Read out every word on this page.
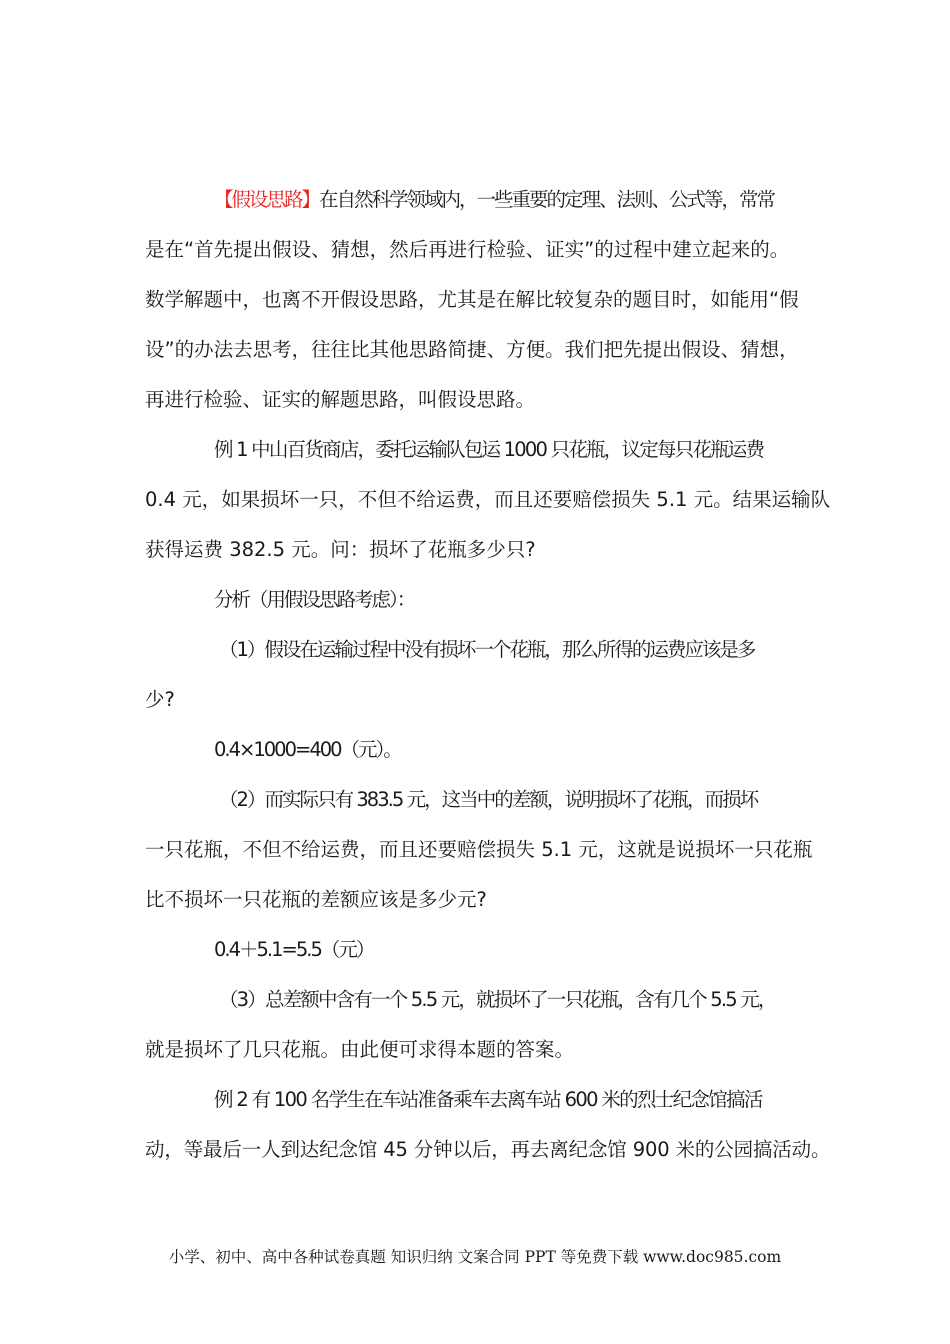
【假设思路】在自然科学领域内，一些重要的定理、法则、公式等，常常
是在“首先提出假设、猜想，然后再进行检验、证实”的过程中建立起来的。
数学解题中，也离不开假设思路，尤其是在解比较复杂的题目时，如能用“假
设”的办法去思考，往往比其他思路简捷、方便。我们把先提出假设、猜想，
再进行检验、证实的解题思路，叫假设思路。
例 1 中山百货商店，委托运输队包运 1000 只花瓶，议定每只花瓶运费
0.4 元，如果损坏一只，不但不给运费，而且还要赔偿损失 5.1 元。结果运输队
获得运费 382.5 元。问：损坏了花瓶多少只?
分析（用假设思路考虑）：
（1）假设在运输过程中没有损坏一个花瓶，那么所得的运费应该是多
少?
0.4×1000=400（元）。
（2）而实际只有 383.5 元，这当中的差额，说明损坏了花瓶，而损坏
一只花瓶，不但不给运费，而且还要赔偿损失 5.1 元，这就是说损坏一只花瓶
比不损坏一只花瓶的差额应该是多少元?
0.4＋5.1=5.5（元）
（3）总差额中含有一个 5.5 元，就损坏了一只花瓶，含有几个 5.5 元，
就是损坏了几只花瓶。由此便可求得本题的答案。
例 2 有 100 名学生在车站准备乘车去离车站 600 米的烈士纪念馆搞活
动，等最后一人到达纪念馆 45 分钟以后，再去离纪念馆 900 米的公园搞活动。
小学、初中、高中各种试卷真题 知识归纳 文案合同 PPT 等免费下载 www.doc985.com
